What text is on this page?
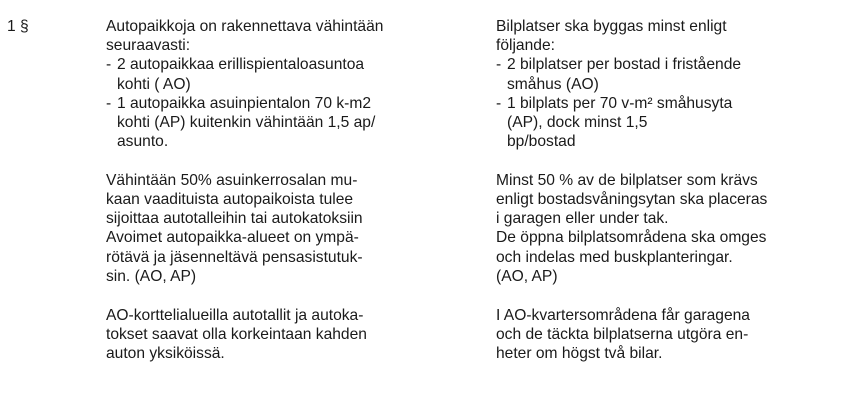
1 §	Autopaikkoja on rakennettava vähintään
seuraavasti:
- 2 autopaikkaa erillispientaloasuntoa
kohti ( AO)
- 1 autopaikka asuinpientalon 70 k-m2
kohti (AP) kuitenkin vähintään 1,5 ap/
asunto.
Vähintään 50% asuinkerrosalan mu-
kaan vaadituista autopaikoista tulee
sijoittaa autotalleihin tai autokatoksiin
Avoimet autopaikka-alueet on ympä-
rötävä ja jäsenneltävä pensasistutuk-
sin. (AO, AP)
AO-korttelialueilla autotallit ja autoka-
tokset saavat olla korkeintaan kahden
auton yksiköissä.
Bilplatser ska byggas minst enligt
följande:
- 2 bilplatser per bostad i fristående
småhus (AO)
- 1 bilplats per 70 v-m² småhusyta
(AP), dock minst 1,5
bp/bostad
Minst 50 % av de bilplatser som krävs
enligt bostadsvåningsytan ska placeras
i garagen eller under tak.
De öppna bilplatsområdena ska omges
och indelas med buskplanteringar.
(AO, AP)
I AO-kvartersområdena får garagena
och de täckta bilplatserna utgöra en-
heter om högst två bilar.
